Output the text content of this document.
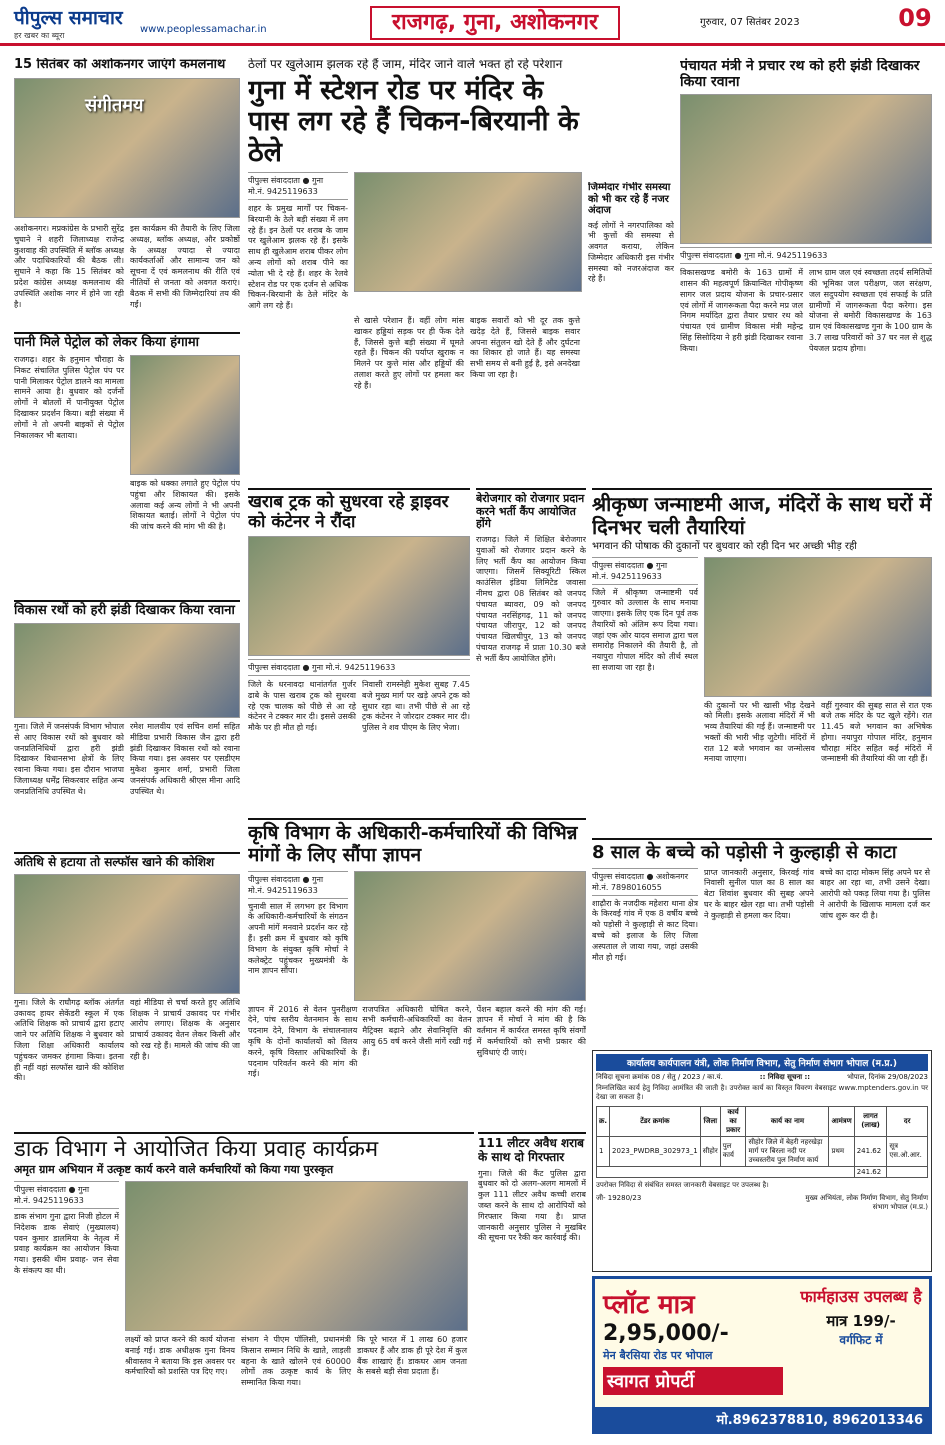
पीपुल्स समाचार
हर खबर का ब्यूरा
www.peoplessamachar.in	राजगढ़, गुना, अशोकनगर	गुरुवार, 07 सितंबर 2023	09
15 सितंबर को अशोकनगर जाएंगे कमलनाथ
संगीतमय
अशोकनगर। मप्रकांग्रेस के प्रभारी सुरेंद्र चुघाने ने शहरी जिलाध्यक्ष राजेन्द्र कुशवाह की उपस्थिति में ब्लॉक अध्यक्ष और पदाधिकारियों की बैठक ली। सुघाने ने कहा कि 15 सितंबर को प्रदेश कांग्रेस अध्यक्ष कमलनाथ की उपस्थिति अशोक नगर में होने जा रही है।
इस कार्यक्रम की तैयारी के लिए जिला अध्यक्ष, ब्लॉक अध्यक्ष, और प्रकोष्ठों के अध्यक्ष ज्यादा से ज्यादा कार्यकर्ताओं और सामान्य जन को सूचना दें एवं कमलनाथ की रीति एवं नीतियों से जनता को अवगत कराएं। बैठक में सभी की जिम्मेदारियां तय की गईं।
पानी मिले पेट्रोल को लेकर किया हंगामा
राजगढ़। शहर के हनुमान चौराहा के निकट संचालित पुलिस पेट्रोल पंप पर पानी मिलाकर पेट्रोल डालने का मामला सामने आया है। बुधवार को दर्जनों लोगों ने बोतलों में पानीयुक्त पेट्रोल दिखाकर प्रदर्शन किया। बड़ी संख्या में लोगों ने तो अपनी बाइकों से पेट्रोल निकालकर भी बताया।
बाइक को धक्का लगाते हुए पेट्रोल पंप पहुंचा और शिकायत की। इसके अलावा कई अन्य लोगों ने भी अपनी शिकायत बताई। लोगों ने पेट्रोल पंप की जांच करने की मांग भी की है।
विकास रथों को हरी झंडी दिखाकर किया रवाना
गुना। जिले में जनसंपर्क विभाग भोपाल से आए विकास रथों को बुधवार को जनप्रतिनिधियों द्वारा हरी झंडी दिखाकर विधानसभा क्षेत्रों के लिए रवाना किया गया। इस दौरान भाजपा जिलाध्यक्ष धर्मेंद्र सिकरवार सहित अन्य जनप्रतिनिधि उपस्थित थे।
रमेश मालवीय एवं सचिन शर्मा सहित मीडिया प्रभारी विकास जैन द्वारा हरी झंडी दिखाकर विकास रथों को रवाना किया गया। इस अवसर पर एसडीएम मुकेश कुमार शर्मा, प्रभारी जिला जनसंपर्क अधिकारी श्रीएस मीना आदि उपस्थित थे।
अतिथि से हटाया तो सल्फॉस खाने की कोशिश
गुना। जिले के राघौगढ़ ब्लॉक अंतर्गत उकावद हायर सेकेंडरी स्कूल में एक अतिथि शिक्षक को प्राचार्य द्वारा हटाए जाने पर अतिथि शिक्षक ने बुधवार को जिला शिक्षा अधिकारी कार्यालय पहुंचकर जमकर हंगामा किया। इतना ही नहीं वहां सल्फॉस खाने की कोशिश की।
वहां मीडिया से चर्चा करते हुए अतिथि शिक्षक ने प्राचार्य उकावद पर गंभीर आरोप लगाए। शिक्षक के अनुसार प्राचार्य उकावद वेतन लेकर किसी और को रख रहे हैं। मामले की जांच की जा रही है।
ठेलों पर खुलेआम झलक रहे हैं जाम, मंदिर जाने वाले भक्त हो रहे परेशान
गुना में स्टेशन रोड पर मंदिर के पास लग रहे हैं चिकन-बिरयानी के ठेले
पीपुल्स संवाददाता ● गुना
मो.नं. 9425119633
शहर के प्रमुख मार्गों पर चिकन-बिरयानी के ठेले बड़ी संख्या में लग रहे हैं। इन ठेलों पर शराब के जाम पर खुलेआम झलक रहे हैं। इसके साथ ही खुलेआम शराब पीकर लोग अन्य लोगों को शराब पीने का न्योता भी दे रहे हैं। शहर के रेलवे स्टेशन रोड पर एक दर्जन से अधिक चिकन-बिरयानी के ठेले मंदिर के आगे लग रहे हैं।
से खासे परेशान हैं। वहीं लोग मांस खाकर हड्डियां सड़क पर ही फेंक देते हैं, जिससे कुत्ते बड़ी संख्या में घूमते रहते हैं। चिकन की पर्याप्त खुराक न मिलने पर कुत्ते मांस और हड्डियों की तलाश करते हुए लोगों पर हमला कर रहे हैं।
बाइक सवारों को भी दूर तक कुत्ते खदेड़ देते हैं, जिससे बाइक सवार अपना संतुलन खो देते हैं और दुर्घटना का शिकार हो जाते हैं। यह समस्या सभी समय से बनी हुई है, इसे अनदेखा किया जा रहा है।
जिम्मेदार गंभीर समस्या को भी कर रहे हैं नजर अंदाज
कई लोगों ने नगरपालिका को भी कुत्तों की समस्या से अवगत कराया, लेकिन जिम्मेदार अधिकारी इस गंभीर समस्या को नजरअंदाज कर रहे हैं।
पंचायत मंत्री ने प्रचार रथ को हरी झंडी दिखाकर किया रवाना
पीपुल्स संवाददाता ● गुना मो.नं. 9425119633
विकासखण्ड बमोरी के 163 ग्रामों में शासन की महत्वपूर्ण क्रियान्वित गोपीकृष्ण सागर जल प्रदाय योजना के प्रचार-प्रसार एवं लोगों में जागरूकता पैदा करने मप्र जल निगम मर्यादित द्वारा तैयार प्रचार रथ को पंचायत एवं ग्रामीण विकास मंत्री महेन्द्र सिंह सिसोदिया ने हरी झंडी दिखाकर रवाना किया।
लाभ ग्राम जल एवं स्वच्छता तदर्थ समितियों की भूमिका जल परीक्षण, जल सरंक्षण, जल सदुपयोग स्वच्छता एवं सफाई के प्रति ग्रामीणों में जागरूकता पैदा करेगा। इस योजना से बमोरी विकासखण्ड के 163 ग्राम एवं विकासखण्ड गुना के 100 ग्राम के 3.7 लाख परिवारों को 37 घर नल से शुद्ध पेयजल प्रदाय होगा।
खराब ट्रक को सुधरवा रहे ड्राइवर को कंटेनर ने रौंदा
पीपुल्स संवाददाता ● गुना मो.नं. 9425119633
जिले के धरनावदा थानांतर्गत गुर्जर ढाबे के पास खराब ट्रक को सुधरवा रहे एक चालक को पीछे से आ रहे कंटेनर ने टक्कर मार दी। इससे उसकी मौके पर ही मौत हो गई।
निवासी रामस्नेही मुकेश सुबह 7.45 बजे मुख्य मार्ग पर खड़े अपने ट्रक को सुधार रहा था। तभी पीछे से आ रहे ट्रक कंटेनर ने जोरदार टक्कर मार दी। पुलिस ने शव पीएम के लिए भेजा।
बेरोजगार को रोजगार प्रदान करने भर्ती कैंप आयोजित होंगे
राजगढ़। जिले में शिक्षित बेरोजगार युवाओं को रोजगार प्रदान करने के लिए भर्ती कैंप का आयोजन किया जाएगा। जिसमें सिक्यूरिटी स्किल काउंसिल इंडिया लिमिटेड जवासा नीमच द्वारा 08 सितंबर को जनपद पंचायत ब्यावरा, 09 को जनपद पंचायत नरसिंहगढ़, 11 को जनपद पंचायत जीरापुर, 12 को जनपद पंचायत खिलचीपुर, 13 को जनपद पंचायत राजगढ़ में प्रातः 10.30 बजे से भर्ती कैंप आयोजित होंगे।
श्रीकृष्ण जन्माष्टमी आज, मंदिरों के साथ घरों में दिनभर चली तैयारियां
भगवान की पोषाक की दुकानों पर बुधवार को रही दिन भर अच्छी भीड़ रही
पीपुल्स संवाददाता ● गुना
मो.नं. 9425119633
जिले में श्रीकृष्ण जन्माष्टमी पर्व गुरुवार को उल्लास के साथ मनाया जाएगा। इसके लिए एक दिन पूर्व तक तैयारियों को अंतिम रूप दिया गया। जहां एक ओर यादव समाज द्वारा चल समारोह निकालने की तैयारी है, तो नयापुरा गोपाल मंदिर को तीर्थ स्थल सा सजाया जा रहा है।
की दुकानों पर भी खासी भीड़ देखने को मिली। इसके अलावा मंदिरों में भी भव्य तैयारियां की गई हैं। जन्माष्टमी पर भक्तों की भारी भीड़ जुटेगी। मंदिरों में रात 12 बजे भगवान का जन्मोत्सव मनाया जाएगा।
वहीं गुरुवार की सुबह सात से रात एक बजे तक मंदिर के पट खुले रहेंगे। रात 11.45 बजे भगवान का अभिषेक होगा। नयापुरा गोपाल मंदिर, हनुमान चौराहा मंदिर सहित कई मंदिरों में जन्माष्टमी की तैयारियां की जा रही हैं।
कृषि विभाग के अधिकारी-कर्मचारियों की विभिन्न मांगों के लिए सौंपा ज्ञापन
पीपुल्स संवाददाता ● गुना
मो.नं. 9425119633
चुनावी साल में लगभग हर विभाग के अधिकारी-कर्मचारियों के संगठन अपनी मांगें मनवाने प्रदर्शन कर रहे हैं। इसी क्रम में बुधवार को कृषि विभाग के संयुक्त कृषि मोर्चा ने कलेक्ट्रेट पहुंचकर मुख्यमंत्री के नाम ज्ञापन सौंपा।
ज्ञापन में 2016 से वेतन पुनरीक्षण देने, पांच स्तरीय वेतनमान के साथ पदनाम देने, विभाग के संचालनालय कृषि के दोनों कार्यालयों को विलय करने, कृषि विस्तार अधिकारियों के पदनाम परिवर्तन करने की मांग की गई।
राजपत्रित अधिकारी घोषित करने, सभी कर्मचारी-अधिकारियों का वेतन मैट्रिक्स बढ़ाने और सेवानिवृत्ति की आयु 65 वर्ष करने जैसी मांगें रखी गई हैं।
पेंशन बहाल करने की मांग की गई। ज्ञापन में मोर्चा ने मांग की है कि वर्तमान में कार्यरत समस्त कृषि संवर्गों में कर्मचारियों को सभी प्रकार की सुविधाएं दी जाएं।
8 साल के बच्चे को पड़ोसी ने कुल्हाड़ी से काटा
पीपुल्स संवाददाता ● अशोकनगर
मो.नं. 7898016055
शाढ़ौरा के नजदीक महेशरा थाना क्षेत्र के किरवई गांव में एक 8 वर्षीय बच्चे को पड़ोसी ने कुल्हाड़ी से काट दिया। बच्चे को इलाज के लिए जिला अस्पताल ले जाया गया, जहां उसकी मौत हो गई।
प्राप्त जानकारी अनुसार, किरवई गांव निवासी सुनील पाल का 8 साल का बेटा शिवांश बुधवार की सुबह अपने घर के बाहर खेल रहा था। तभी पड़ोसी ने कुल्हाड़ी से हमला कर दिया।
बच्चे का दादा मोकम सिंह अपने घर से बाहर आ रहा था, तभी उसने देखा। आरोपी को पकड़ लिया गया है। पुलिस ने आरोपी के खिलाफ मामला दर्ज कर जांच शुरू कर दी है।
कार्यालय कार्यपालन यंत्री, लोक निर्माण विभाग, सेतु निर्माण संभाग भोपाल (म.प्र.)
निविदा सूचना क्रमांक 08 / सेतु / 2023 / का.यं.	:: निविदा सूचना ::	भोपाल, दिनांक 29/08/2023
निम्नलिखित कार्य हेतु निविदा आमंत्रित की जाती है। उपरोक्त कार्य का विस्तृत विवरण वेबसाइट www.mptenders.gov.in पर देखा जा सकता है।
क्र.	टेंडर क्रमांक	जिला	कार्य का प्रकार	कार्य का नाम	आमंत्रण	लागत (लाख)	दर
1	2023_PWDRB_302973_1	सीहोर	पुल कार्य	सीहोर जिले में बेहरी नहरखेड़ा मार्ग पर बिरला नदी पर उच्चस्तरीय पुल निर्माण कार्य	प्रथम	241.62	सूत्र एस.ओ.आर.
						241.62	
उपरोक्त निविदा से संबंधित समस्त जानकारी वेबसाइट पर उपलब्ध है।
जी- 19280/23	मुख्य अभियंता, लोक निर्माण विभाग, सेतु निर्माण संभाग भोपाल (म.प्र.)
डाक विभाग ने आयोजित किया प्रवाह कार्यक्रम
अमृत ग्राम अभियान में उत्कृष्ट कार्य करने वाले कर्मचारियों को किया गया पुरस्कृत
पीपुल्स संवाददाता ● गुना
मो.नं. 9425119633
डाक संभाग गुना द्वारा निजी होटल में निदेशक डाक सेवाएं (मुख्यालय) पवन कुमार डालमिया के नेतृत्व में प्रवाह कार्यक्रम का आयोजन किया गया। इसकी थीम प्रवाह- जन सेवा के संकल्प का थी।
लक्ष्यों को प्राप्त करने की कार्य योजना बनाई गई। डाक अधीक्षक गुना विनय श्रीवास्तव ने बताया कि इस अवसर पर कर्मचारियों को प्रशस्ति पत्र दिए गए।
संभाग ने पीएम पॉलिसी, प्रधानमंत्री किसान सम्मान निधि के खाते, लाड़ली बहना के खाते खोलने एवं 60000 लोगों तक उत्कृष्ट कार्य के लिए सम्मानित किया गया।
कि पूरे भारत में 1 लाख 60 हजार डाकघर हैं और डाक ही पूरे देश में कुल बैंक शाखाएं हैं। डाकघर आम जनता के सबसे बड़ी सेवा प्रदाता हैं।
111 लीटर अवैध शराब के साथ दो गिरफ्तार
गुना। जिले की कैंट पुलिस द्वारा बुधवार को दो अलग-अलग मामलों में कुल 111 लीटर अवैध कच्ची शराब जब्त करने के साथ दो आरोपियों को गिरफ्तार किया गया है। प्राप्त जानकारी अनुसार पुलिस ने मुखबिर की सूचना पर रैकी कर कार्रवाई की।
प्लॉट मात्र
2,95,000/-
मेन बैरसिया रोड पर भोपाल
स्वागत प्रोपर्टी
फार्महाउस उपलब्ध है
मात्र 199/-
वर्गफिट में
मो.8962378810, 8962013346
